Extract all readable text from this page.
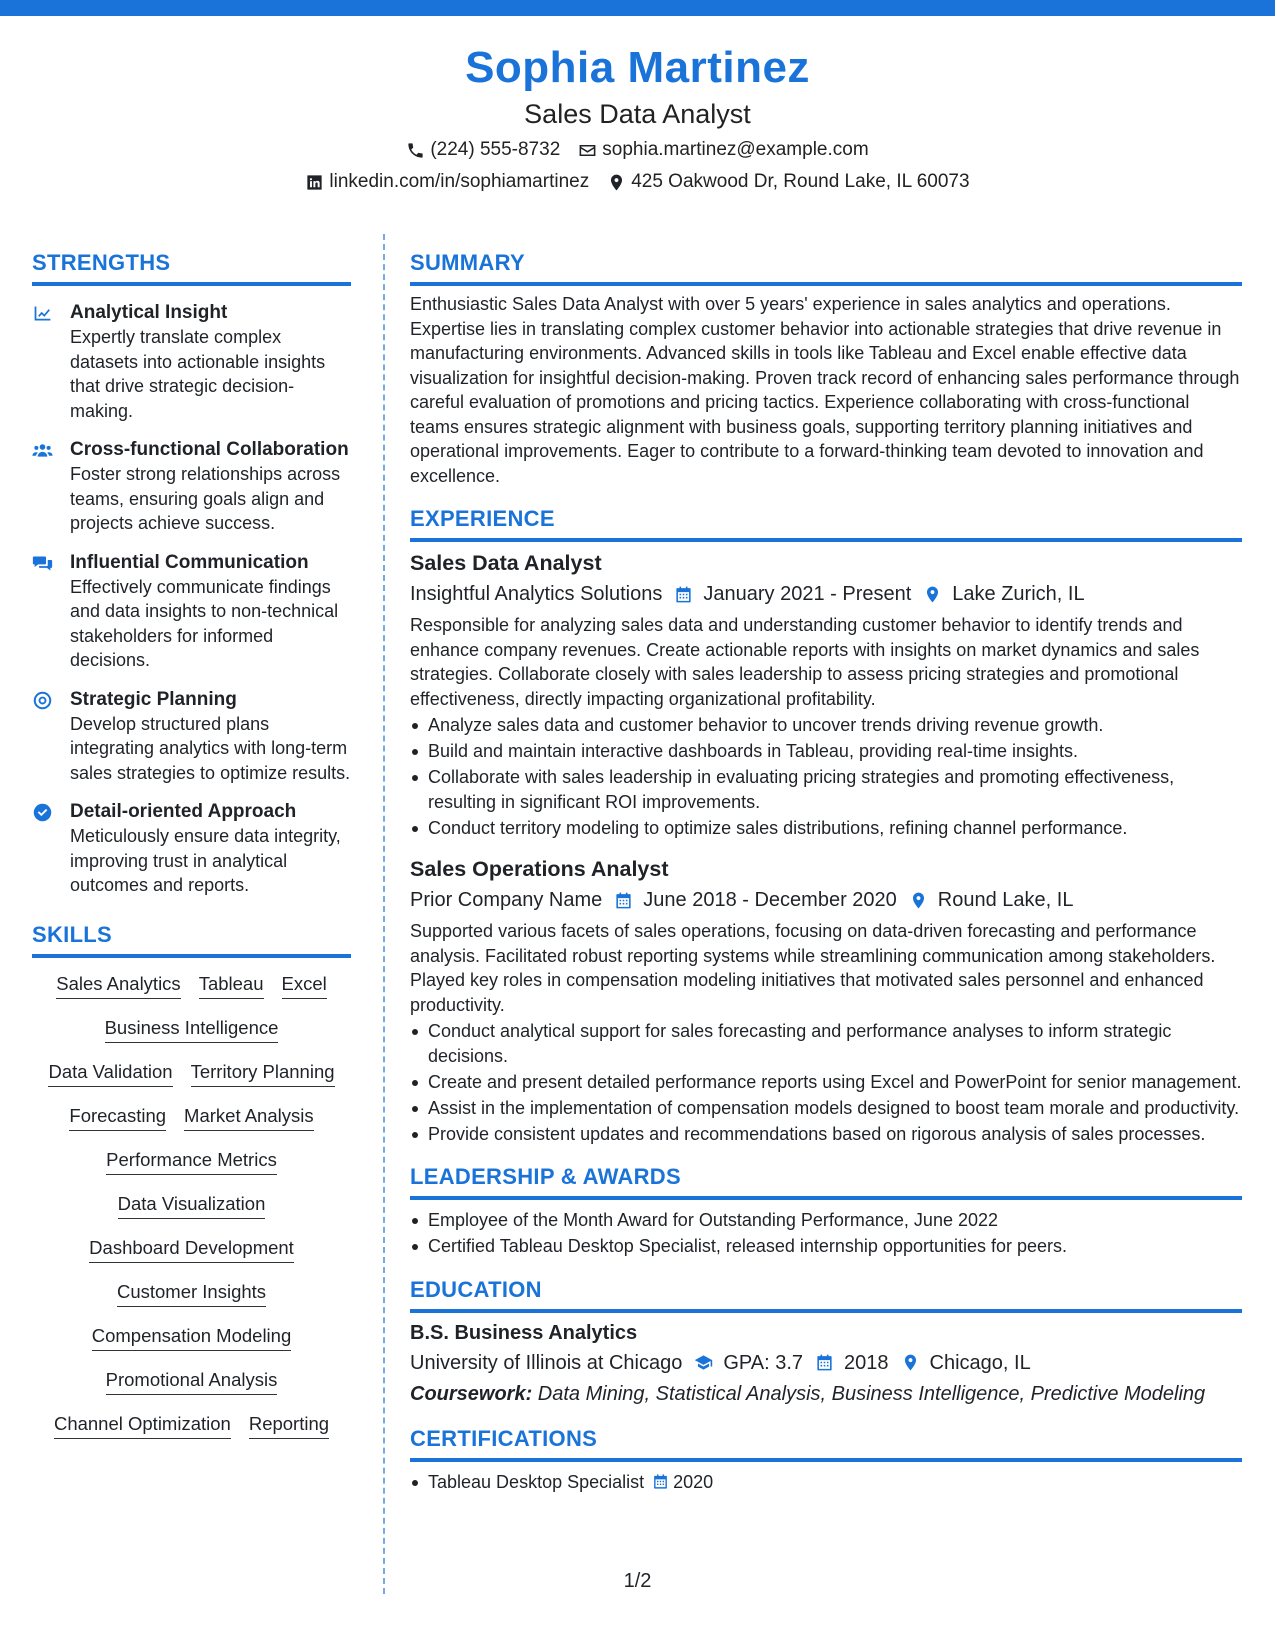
Sophia Martinez
Sales Data Analyst
(224) 555-8732 sophia.martinez@example.com
linkedin.com/in/sophiamartinez 425 Oakwood Dr, Round Lake, IL 60073
STRENGTHS
Analytical Insight
Expertly translate complex datasets into actionable insights that drive strategic decision-making.
Cross-functional Collaboration
Foster strong relationships across teams, ensuring goals align and projects achieve success.
Influential Communication
Effectively communicate findings and data insights to non-technical stakeholders for informed decisions.
Strategic Planning
Develop structured plans integrating analytics with long-term sales strategies to optimize results.
Detail-oriented Approach
Meticulously ensure data integrity, improving trust in analytical outcomes and reports.
SKILLS
Sales Analytics Tableau Excel
Business Intelligence
Data Validation Territory Planning
Forecasting Market Analysis
Performance Metrics
Data Visualization
Dashboard Development
Customer Insights
Compensation Modeling
Promotional Analysis
Channel Optimization Reporting
SUMMARY
Enthusiastic Sales Data Analyst with over 5 years' experience in sales analytics and operations. Expertise lies in translating complex customer behavior into actionable strategies that drive revenue in manufacturing environments. Advanced skills in tools like Tableau and Excel enable effective data visualization for insightful decision-making. Proven track record of enhancing sales performance through careful evaluation of promotions and pricing tactics. Experience collaborating with cross-functional teams ensures strategic alignment with business goals, supporting territory planning initiatives and operational improvements. Eager to contribute to a forward-thinking team devoted to innovation and excellence.
EXPERIENCE
Sales Data Analyst
Insightful Analytics Solutions January 2021 - Present Lake Zurich, IL
Responsible for analyzing sales data and understanding customer behavior to identify trends and enhance company revenues. Create actionable reports with insights on market dynamics and sales strategies. Collaborate closely with sales leadership to assess pricing strategies and promotional effectiveness, directly impacting organizational profitability.
Analyze sales data and customer behavior to uncover trends driving revenue growth.
Build and maintain interactive dashboards in Tableau, providing real-time insights.
Collaborate with sales leadership in evaluating pricing strategies and promoting effectiveness, resulting in significant ROI improvements.
Conduct territory modeling to optimize sales distributions, refining channel performance.
Sales Operations Analyst
Prior Company Name June 2018 - December 2020 Round Lake, IL
Supported various facets of sales operations, focusing on data-driven forecasting and performance analysis. Facilitated robust reporting systems while streamlining communication among stakeholders. Played key roles in compensation modeling initiatives that motivated sales personnel and enhanced productivity.
Conduct analytical support for sales forecasting and performance analyses to inform strategic decisions.
Create and present detailed performance reports using Excel and PowerPoint for senior management.
Assist in the implementation of compensation models designed to boost team morale and productivity.
Provide consistent updates and recommendations based on rigorous analysis of sales processes.
LEADERSHIP & AWARDS
Employee of the Month Award for Outstanding Performance, June 2022
Certified Tableau Desktop Specialist, released internship opportunities for peers.
EDUCATION
B.S. Business Analytics
University of Illinois at Chicago GPA: 3.7 2018 Chicago, IL
Coursework: Data Mining, Statistical Analysis, Business Intelligence, Predictive Modeling
CERTIFICATIONS
Tableau Desktop Specialist 2020
1/2
